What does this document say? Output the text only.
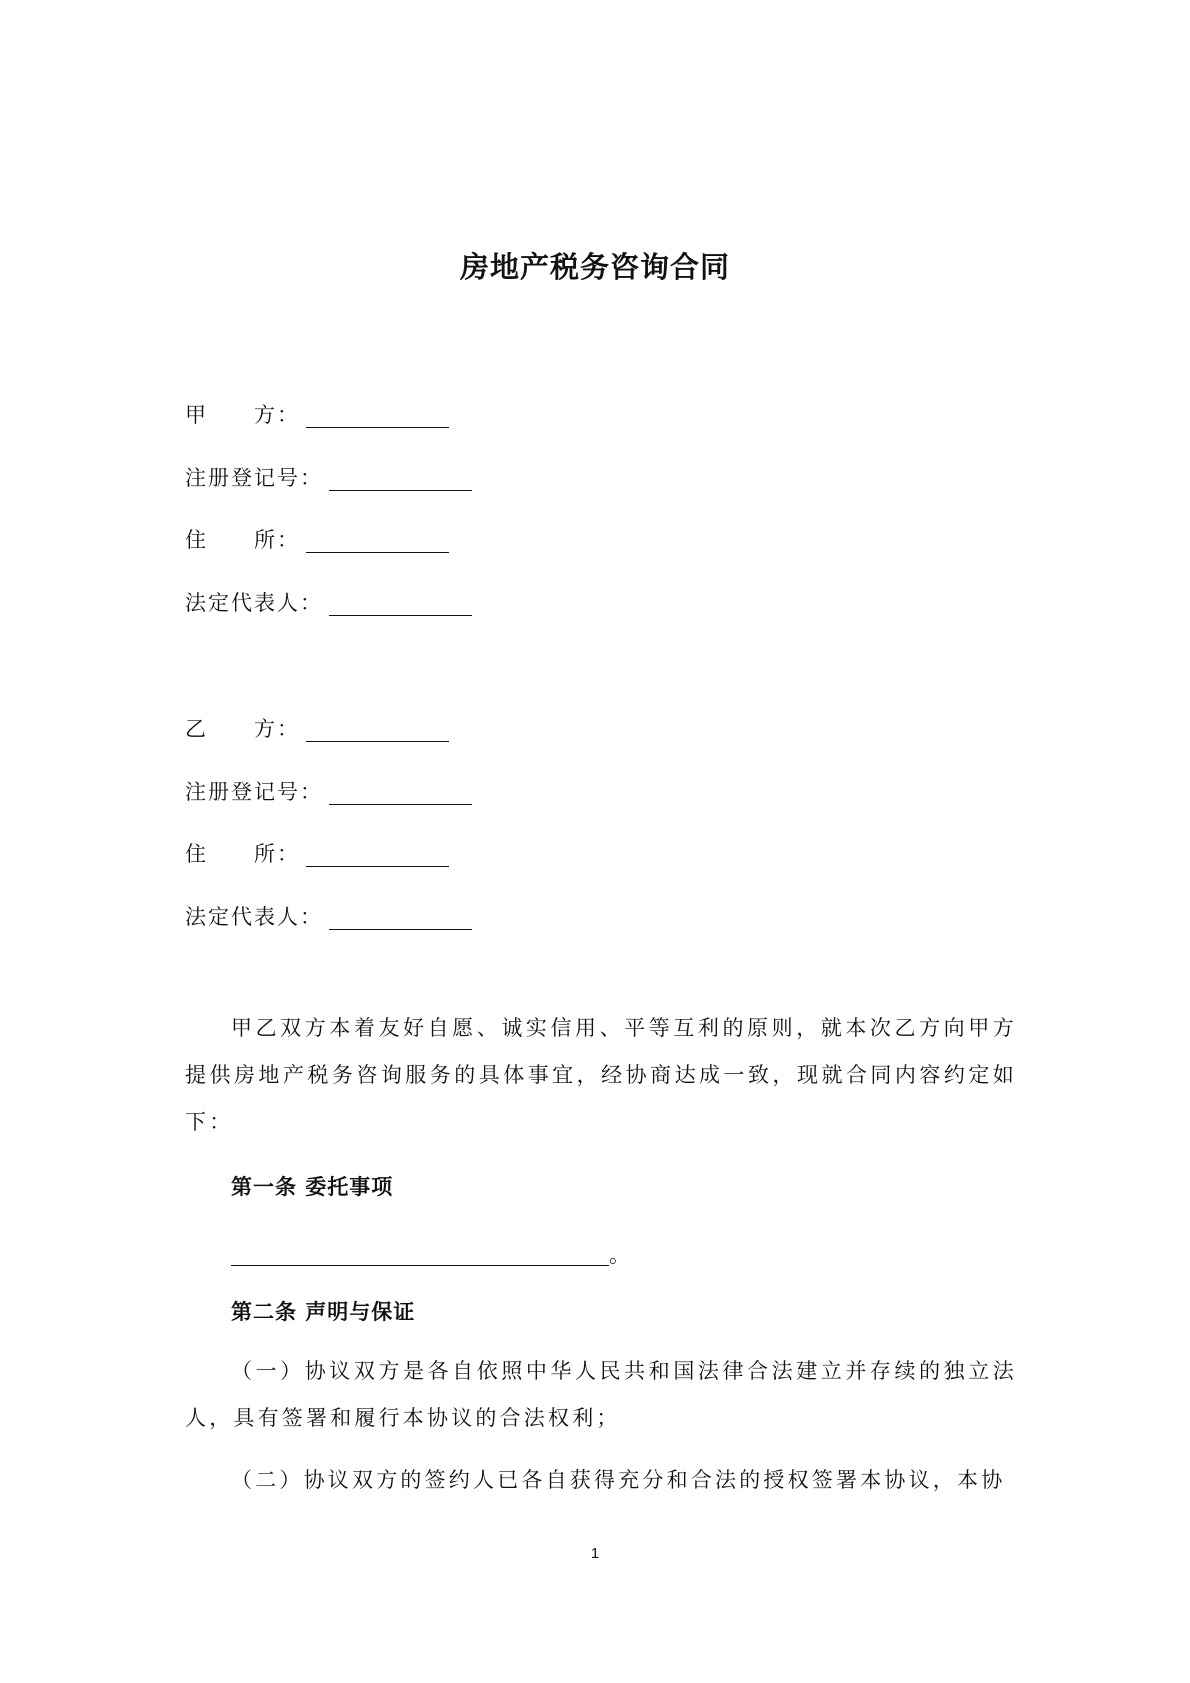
房地产税务咨询合同
甲　　方：
注册登记号：
住　　所：
法定代表人：
乙　　方：
注册登记号：
住　　所：
法定代表人：
甲乙双方本着友好自愿、诚实信用、平等互利的原则，就本次乙方向甲方提供房地产税务咨询服务的具体事宜，经协商达成一致，现就合同内容约定如下：
第一条 委托事项
。
第二条 声明与保证
（一）协议双方是各自依照中华人民共和国法律合法建立并存续的独立法人，具有签署和履行本协议的合法权利；
（二）协议双方的签约人已各自获得充分和合法的授权签署本协议，本协
1
